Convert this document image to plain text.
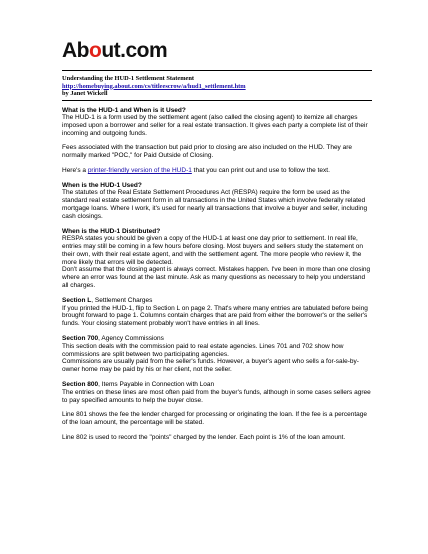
About.com
Understanding the HUD-1 Settlement Statement
http://homebuying.about.com/cs/titleescrow/a/hud1_settlement.htm
by Janet Wickell
What is the HUD-1 and When is it Used?

The HUD-1 is a form used by the settlement agent (also called the closing agent) to itemize all charges imposed upon a borrower and seller for a real estate transaction. It gives each party a complete list of their incoming and outgoing funds.

Fees associated with the transaction but paid prior to closing are also included on the HUD. They are normally marked "POC," for Paid Outside of Closing.

Here's a printer-friendly version of the HUD-1 that you can print out and use to follow the text.

When is the HUD-1 Used?

The statutes of the Real Estate Settlement Procedures Act (RESPA) require the form be used as the standard real estate settlement form in all transactions in the United States which involve federally related mortgage loans. Where I work, it's used for nearly all transactions that involve a buyer and seller, including cash closings.

When is the HUD-1 Distributed?

RESPA states you should be given a copy of the HUD-1 at least one day prior to settlement. In real life, entries may still be coming in a few hours before closing. Most buyers and sellers study the statement on their own, with their real estate agent, and with the settlement agent. The more people who review it, the more likely that errors will be detected.

Don't assume that the closing agent is always correct. Mistakes happen. I've been in more than one closing where an error was found at the last minute. Ask as many questions as necessary to help you understand all charges.

Section L, Settlement Charges

If you printed the HUD-1, flip to Section L on page 2. That's where many entries are tabulated before being brought forward to page 1. Columns contain charges that are paid from either the borrower's or the seller's funds. Your closing statement probably won't have entries in all lines.

Section 700, Agency Commissions

This section deals with the commission paid to real estate agencies. Lines 701 and 702 show how commissions are split between two participating agencies.

Commissions are usually paid from the seller's funds. However, a buyer's agent who sells a for-sale-by-owner home may be paid by his or her client, not the seller.

Section 800, Items Payable in Connection with Loan

The entries on these lines are most often paid from the buyer's funds, although in some cases sellers agree to pay specified amounts to help the buyer close.

Line 801 shows the fee the lender charged for processing or originating the loan. If the fee is a percentage of the loan amount, the percentage will be stated.

Line 802 is used to record the "points" charged by the lender. Each point is 1% of the loan amount.
